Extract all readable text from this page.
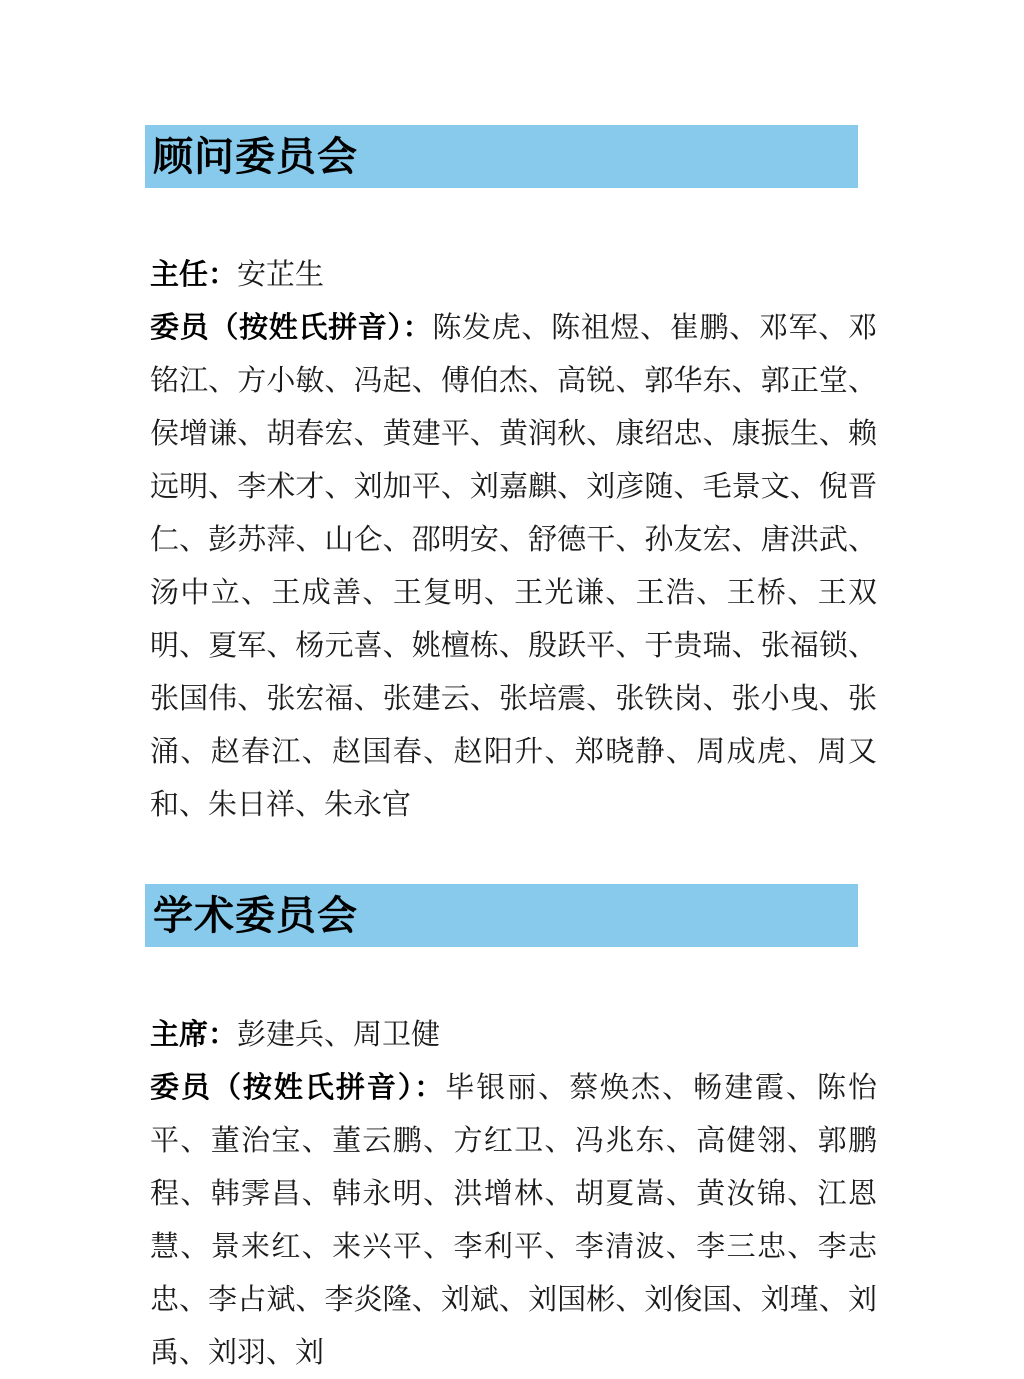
顾问委员会

主任：安芷生

委员（按姓氏拼音）：陈发虎、陈祖煜、崔鹏、邓军、邓铭江、方小敏、冯起、傅伯杰、高锐、郭华东、郭正堂、侯增谦、胡春宏、黄建平、黄润秋、康绍忠、康振生、赖远明、李术才、刘加平、刘嘉麒、刘彦随、毛景文、倪晋仁、彭苏萍、山仑、邵明安、舒德干、孙友宏、唐洪武、汤中立、王成善、王复明、王光谦、王浩、王桥、王双明、夏军、杨元喜、姚檀栋、殷跃平、于贵瑞、张福锁、张国伟、张宏福、张建云、张培震、张铁岗、张小曳、张涌、赵春江、赵国春、赵阳升、郑晓静、周成虎、周又和、朱日祥、朱永官

学术委员会

主席：彭建兵、周卫健

委员（按姓氏拼音）：毕银丽、蔡焕杰、畅建霞、陈怡平、董治宝、董云鹏、方红卫、冯兆东、高健翎、郭鹏程、韩霁昌、韩永明、洪增林、胡夏嵩、黄汝锦、江恩慧、景来红、来兴平、李利平、李清波、李三忠、李志忠、李占斌、李炎隆、刘斌、刘国彬、刘俊国、刘瑾、刘禹、刘羽、刘
